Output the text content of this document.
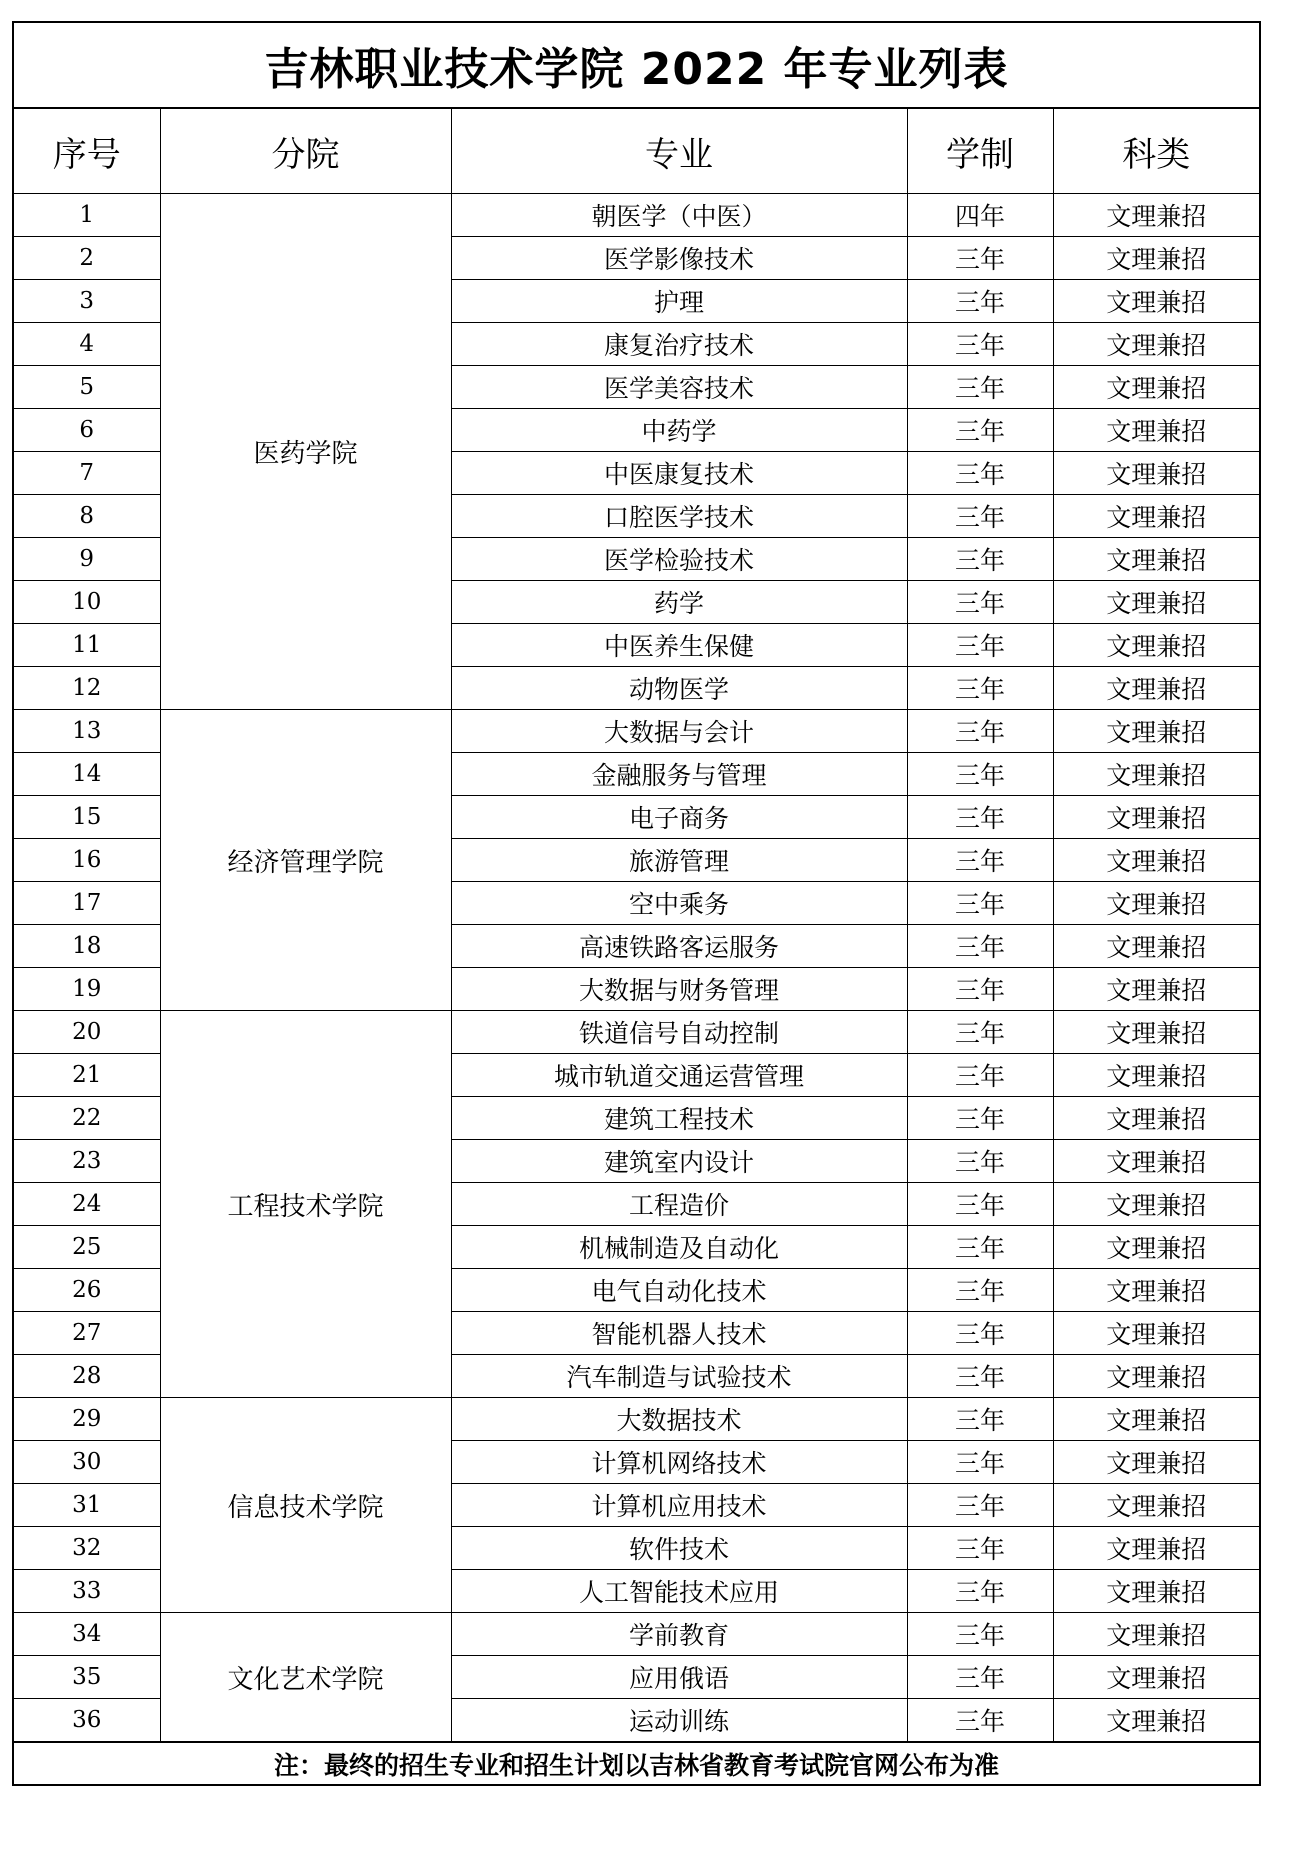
吉林职业技术学院 2022 年专业列表
序号	分院	专业	学制	科类
1	医药学院	朝医学（中医）	四年	文理兼招
2		医学影像技术	三年	文理兼招
3		护理	三年	文理兼招
4		康复治疗技术	三年	文理兼招
5		医学美容技术	三年	文理兼招
6		中药学	三年	文理兼招
7		中医康复技术	三年	文理兼招
8		口腔医学技术	三年	文理兼招
9		医学检验技术	三年	文理兼招
10		药学	三年	文理兼招
11		中医养生保健	三年	文理兼招
12		动物医学	三年	文理兼招
13	经济管理学院	大数据与会计	三年	文理兼招
14		金融服务与管理	三年	文理兼招
15		电子商务	三年	文理兼招
16		旅游管理	三年	文理兼招
17		空中乘务	三年	文理兼招
18		高速铁路客运服务	三年	文理兼招
19		大数据与财务管理	三年	文理兼招
20	工程技术学院	铁道信号自动控制	三年	文理兼招
21		城市轨道交通运营管理	三年	文理兼招
22		建筑工程技术	三年	文理兼招
23		建筑室内设计	三年	文理兼招
24		工程造价	三年	文理兼招
25		机械制造及自动化	三年	文理兼招
26		电气自动化技术	三年	文理兼招
27		智能机器人技术	三年	文理兼招
28		汽车制造与试验技术	三年	文理兼招
29	信息技术学院	大数据技术	三年	文理兼招
30		计算机网络技术	三年	文理兼招
31		计算机应用技术	三年	文理兼招
32		软件技术	三年	文理兼招
33		人工智能技术应用	三年	文理兼招
34	文化艺术学院	学前教育	三年	文理兼招
35		应用俄语	三年	文理兼招
36		运动训练	三年	文理兼招
注：最终的招生专业和招生计划以吉林省教育考试院官网公布为准
